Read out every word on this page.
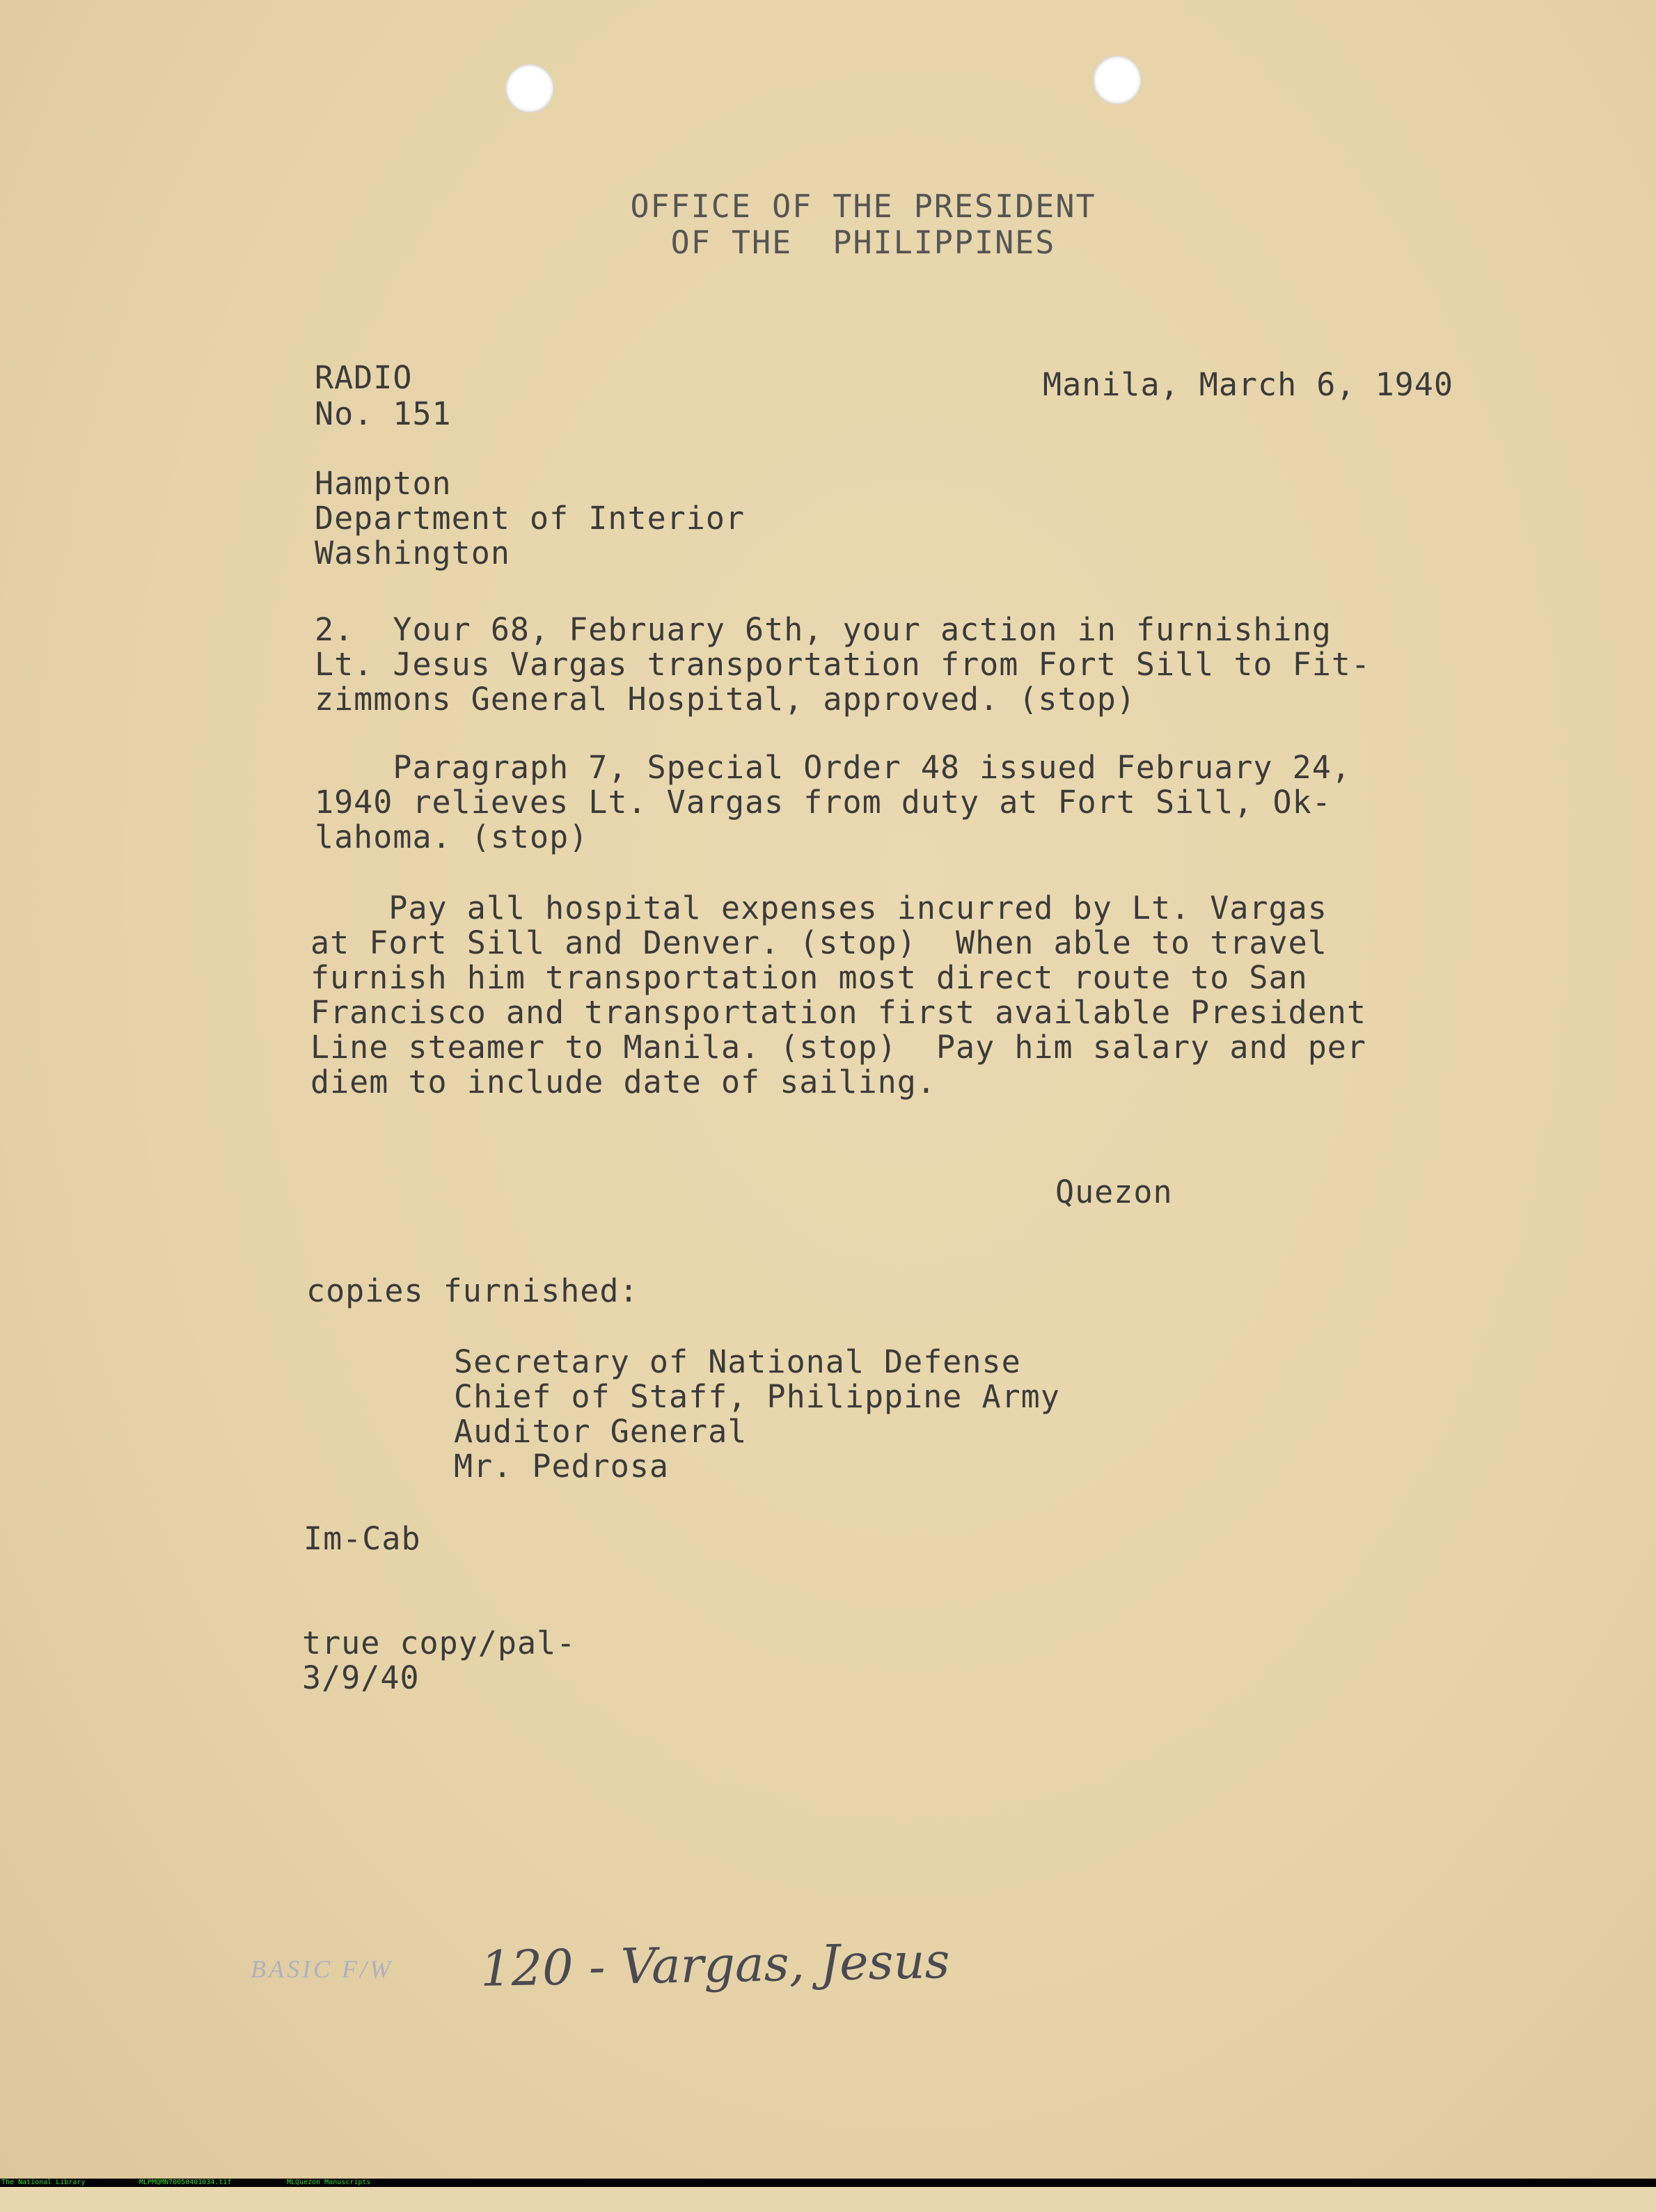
OFFICE OF THE PRESIDENT
OF THE  PHILIPPINES
RADIO
No. 151
Manila, March 6, 1940
Hampton
Department of Interior
Washington
2.  Your 68, February 6th, your action in furnishing
Lt. Jesus Vargas transportation from Fort Sill to Fit-
zimmons General Hospital, approved. (stop)
Paragraph 7, Special Order 48 issued February 24,
1940 relieves Lt. Vargas from duty at Fort Sill, Ok-
lahoma. (stop)
Pay all hospital expenses incurred by Lt. Vargas
at Fort Sill and Denver. (stop)  When able to travel
furnish him transportation most direct route to San
Francisco and transportation first available President
Line steamer to Manila. (stop)  Pay him salary and per
diem to include date of sailing.
Quezon
copies furnished:
Secretary of National Defense
Chief of Staff, Philippine Army
Auditor General
Mr. Pedrosa
Im-Cab
true copy/pal-
3/9/40
BASIC F/W 120 - Vargas, Jesus

The National Library

	MLPMQMN70050401034.tif

	MLQuezon Manuscripts
